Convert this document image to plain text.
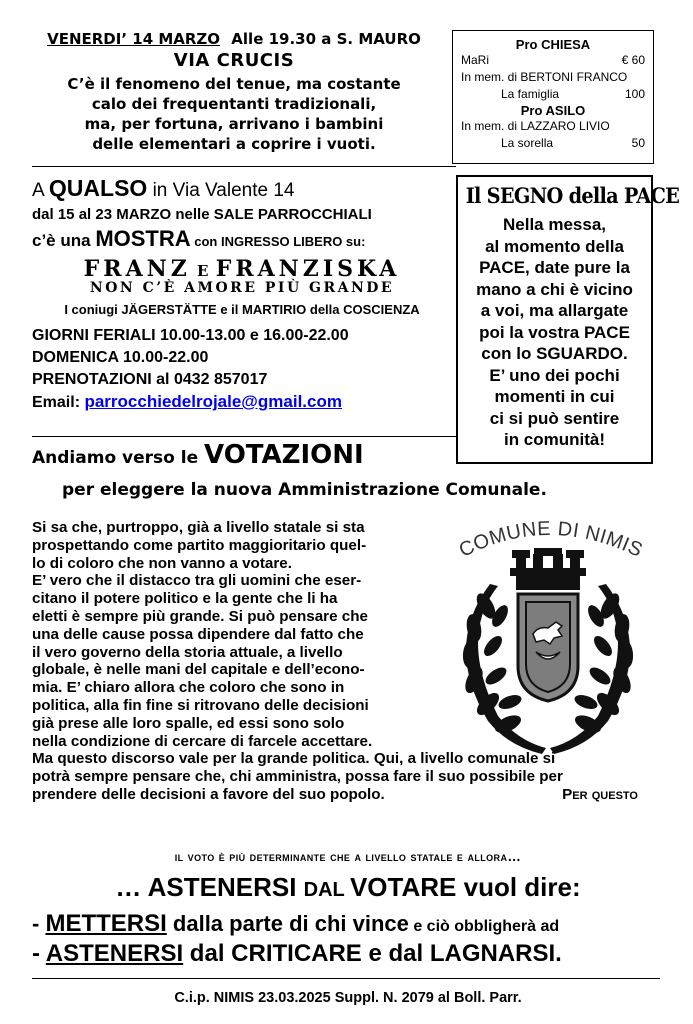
VENERDI’ 14 MARZO Alle 19.30 a S. MAURO
VIA CRUCIS
C’è il fenomeno del tenue, ma costante
calo dei frequentanti tradizionali,
ma, per fortuna, arrivano i bambini
delle elementari a coprire i vuoti.
Pro CHIESA
MaRi	€ 60
In mem. di BERTONI FRANCO
La famiglia	100
Pro ASILO
In mem. di LAZZARO LIVIO
La sorella	50
A QUALSO in Via Valente 14
dal 15 al 23 MARZO nelle SALE PARROCCHIALI
c’è una MOSTRA con INGRESSO LIBERO su:
FRANZ E FRANZISKA
NON C’È AMORE PIÙ GRANDE
I coniugi JÄGERSTÄTTE e il MARTIRIO della COSCIENZA
GIORNI FERIALI 10.00-13.00 e 16.00-22.00
DOMENICA 10.00-22.00
PRENOTAZIONI al 0432 857017
Email: parrocchiedelrojale@gmail.com
Il SEGNO della PACE
Nella messa,
al momento della
PACE, date pure la
mano a chi è vicino
a voi, ma allargate
poi la vostra PACE
con lo SGUARDO.
E’ uno dei pochi
momenti in cui
ci si può sentire
in comunità!
Andiamo verso le VOTAZIONI
per eleggere la nuova Amministrazione Comunale.
Si sa che, purtroppo, già a livello statale si sta
prospettando come partito maggioritario quel-
lo di coloro che non vanno a votare.
E’ vero che il distacco tra gli uomini che eser-
citano il potere politico e la gente che li ha
eletti è sempre più grande. Si può pensare che
una delle cause possa dipendere dal fatto che
il vero governo della storia attuale, a livello
globale, è nelle mani del capitale e dell’econo-
mia. E’ chiaro allora che coloro che sono in
politica, alla fin fine si ritrovano delle decisioni
già prese alle loro spalle, ed essi sono solo
nella condizione di cercare di farcele accettare.
Ma questo discorso vale per la grande politica. Qui, a livello comunale si
potrà sempre pensare che, chi amministra, possa fare il suo possibile per
prendere delle decisioni a favore del suo popolo.	Per questo
COMUNE DI NIMIS
il voto è più determinante che a livello statale e allora…
… ASTENERSI DAL VOTARE vuol dire:
- METTERSI dalla parte di chi vince e ciò obbligherà ad
- ASTENERSI dal CRITICARE e dal LAGNARSI.
C.i.p. NIMIS 23.03.2025 Suppl. N. 2079 al Boll. Parr.
